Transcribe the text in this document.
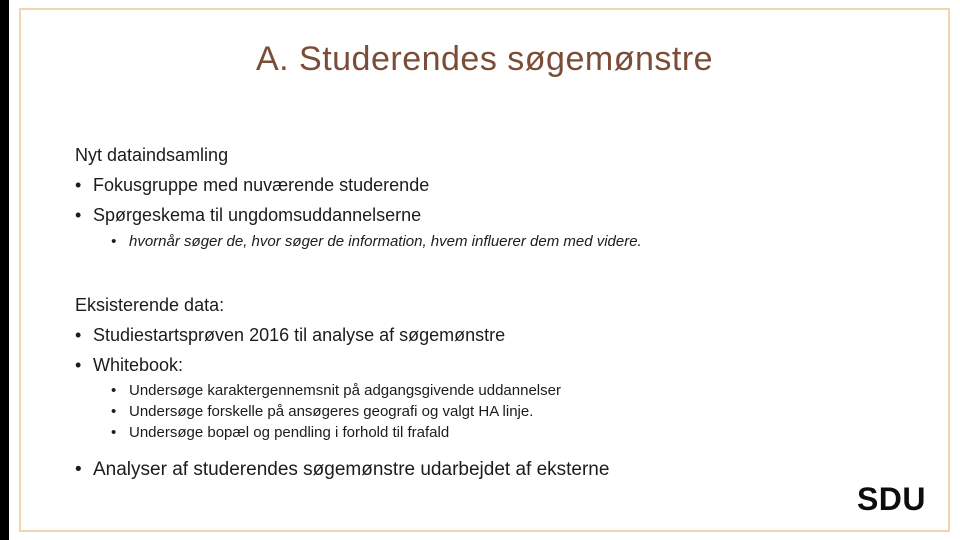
A. Studerendes søgemønstre
Nyt dataindsamling
• Fokusgruppe med nuværende studerende
• Spørgeskema til ungdomsuddannelserne
• hvornår søger de, hvor søger de information, hvem influerer dem med videre.
Eksisterende data:
• Studiestartsprøven 2016 til analyse af søgemønstre
• Whitebook:
• Undersøge karaktergennemsnit på adgangsgivende uddannelser
• Undersøge forskelle på ansøgeres geografi og valgt HA linje.
• Undersøge bopæl og pendling i forhold til frafald
• Analyser af studerendes søgemønstre udarbejdet af eksterne
SDU
